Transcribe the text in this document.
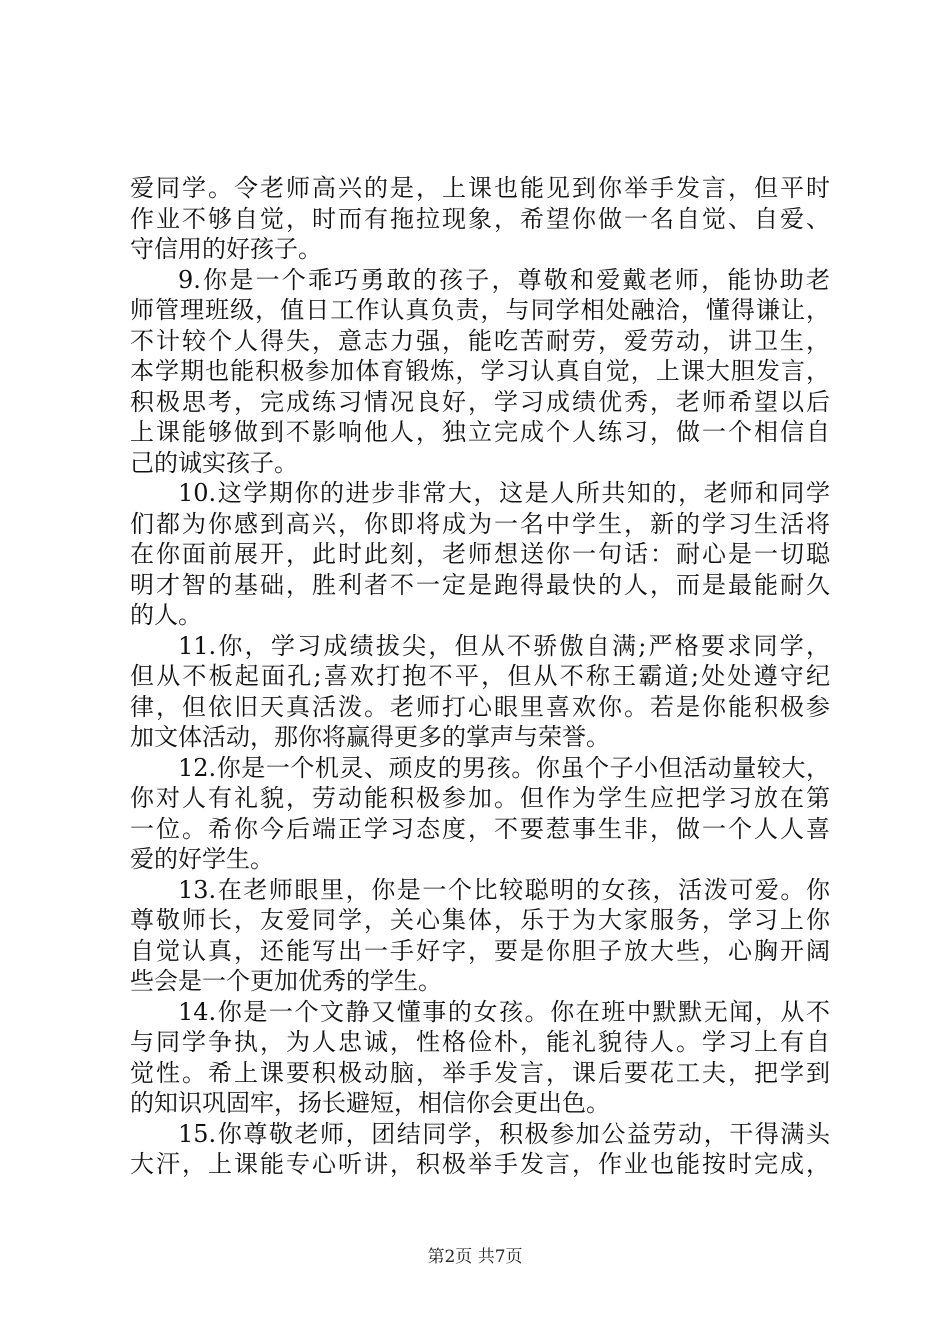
爱同学。令老师高兴的是，上课也能见到你举手发言，但平时
作业不够自觉，时而有拖拉现象，希望你做一名自觉、自爱、
守信用的好孩子。
9.你是一个乖巧勇敢的孩子，尊敬和爱戴老师，能协助老
师管理班级，值日工作认真负责，与同学相处融洽，懂得谦让，
不计较个人得失，意志力强，能吃苦耐劳，爱劳动，讲卫生，
本学期也能积极参加体育锻炼，学习认真自觉，上课大胆发言，
积极思考，完成练习情况良好，学习成绩优秀，老师希望以后
上课能够做到不影响他人，独立完成个人练习，做一个相信自
己的诚实孩子。
10.这学期你的进步非常大，这是人所共知的，老师和同学
们都为你感到高兴，你即将成为一名中学生，新的学习生活将
在你面前展开，此时此刻，老师想送你一句话：耐心是一切聪
明才智的基础，胜利者不一定是跑得最快的人，而是最能耐久
的人。
11.你，学习成绩拔尖，但从不骄傲自满;严格要求同学，
但从不板起面孔;喜欢打抱不平，但从不称王霸道;处处遵守纪
律，但依旧天真活泼。老师打心眼里喜欢你。若是你能积极参
加文体活动，那你将赢得更多的掌声与荣誉。
12.你是一个机灵、顽皮的男孩。你虽个子小但活动量较大，
你对人有礼貌，劳动能积极参加。但作为学生应把学习放在第
一位。希你今后端正学习态度，不要惹事生非，做一个人人喜
爱的好学生。
13.在老师眼里，你是一个比较聪明的女孩，活泼可爱。你
尊敬师长，友爱同学，关心集体，乐于为大家服务，学习上你
自觉认真，还能写出一手好字，要是你胆子放大些，心胸开阔
些会是一个更加优秀的学生。
14.你是一个文静又懂事的女孩。你在班中默默无闻，从不
与同学争执，为人忠诚，性格俭朴，能礼貌待人。学习上有自
觉性。希上课要积极动脑，举手发言，课后要花工夫，把学到
的知识巩固牢，扬长避短，相信你会更出色。
15.你尊敬老师，团结同学，积极参加公益劳动，干得满头
大汗，上课能专心听讲，积极举手发言，作业也能按时完成，
第2页 共7页
